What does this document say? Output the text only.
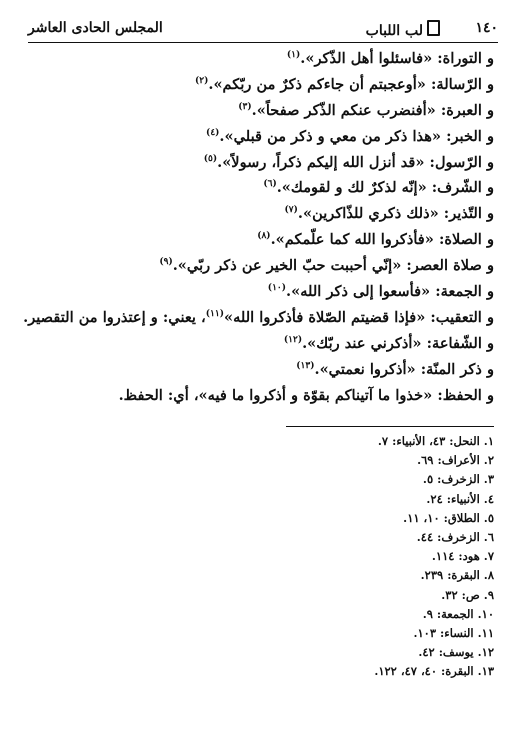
١٤٠
لب اللباب
المجلس الحادى العاشر
و التوراة: «فاسئلوا أهل الذّكر».$^{(١)}$
و الرّسالة: «أوعجبتم أن جاءكم ذكرٌ من ربّكم».$^{(٢)}$
و العبرة: «أفنضرب عنكم الذّكر صفحاً».$^{(٣)}$
و الخبر: «هذا ذكر من معي و ذكر من قبلي».$^{(٤)}$
و الرّسول: «قد أنزل الله إليكم ذكراً، رسولاً».$^{(٥)}$
و الشّرف: «إنّه لذكرٌ لك و لقومك».$^{(٦)}$
و التّذير: «ذلك ذكري للذّاكرين».$^{(٧)}$
و الصلاة: «فأذكروا الله كما علّمكم».$^{(٨)}$
و صلاة العصر: «إنّي أحببت حبّ الخير عن ذكر ربّي».$^{(٩)}$
و الجمعة: «فأسعوا إلى ذكر الله».$^{(١٠)}$
و التعقيب: «فإذا قضيتم الصّلاة فأذكروا الله»$^{(١١)}$، يعني: و إعتذروا من التقصير.
و الشّفاعة: «أذكرني عند ربّك».$^{(١٢)}$
و ذكر المنّة: «أذكروا نعمتي».$^{(١٣)}$
و الحفظ: «خذوا ما آتيناكم بقوّة و أذكروا ما فيه»، أي: الحفظ.
١. النحل: ٤٣، الأنبياء: ٧.
٢. الأعراف: ٦٩.
٣. الزخرف: ٥.
٤. الأنبياء: ٢٤.
٥. الطلاق: ١٠، ١١.
٦. الزخرف: ٤٤.
٧. هود: ١١٤.
٨. البقرة: ٢٣٩.
٩. ص: ٣٢.
١٠. الجمعة: ٩.
١١. النساء: ١٠٣.
١٢. يوسف: ٤٢.
١٣. البقرة: ٤٠، ٤٧، ١٢٢.
